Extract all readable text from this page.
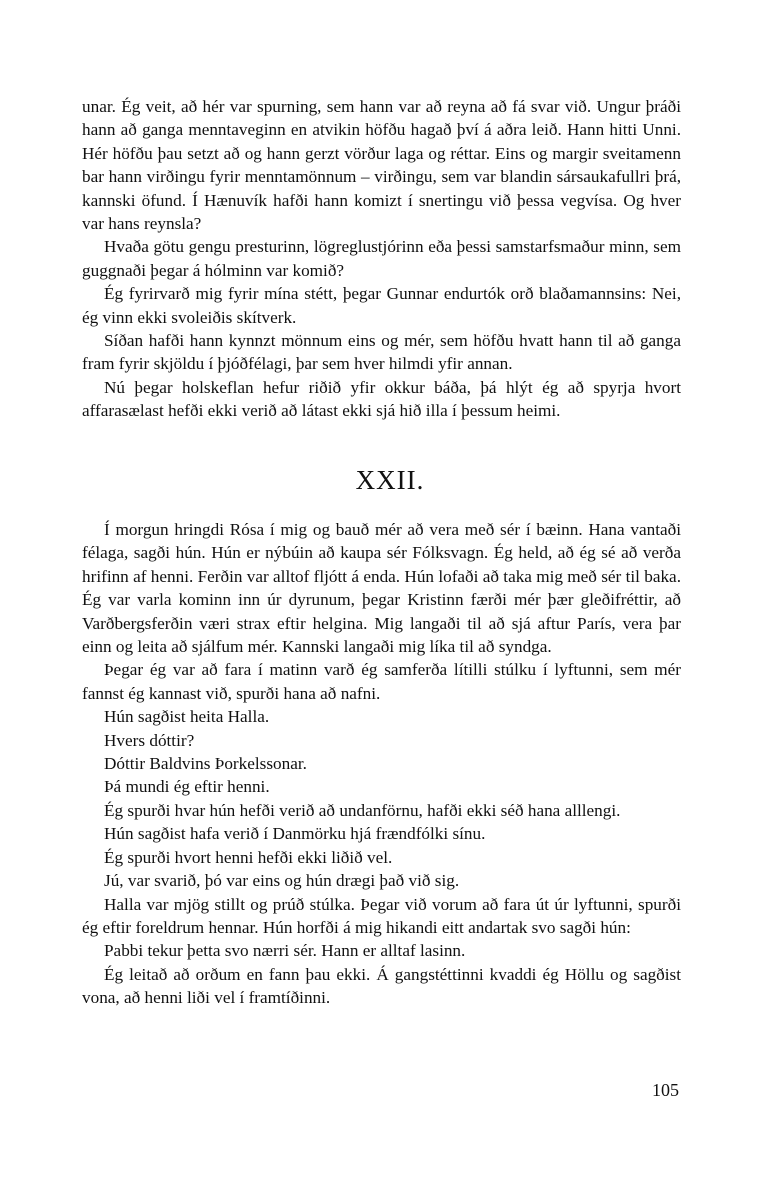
unar. Ég veit, að hér var spurning, sem hann var að reyna að fá svar við. Ungur þráði hann að ganga menntaveginn en atvikin höfðu hagað því á aðra leið. Hann hitti Unni. Hér höfðu þau setzt að og hann gerzt vörður laga og réttar. Eins og margir sveitamenn bar hann virðingu fyrir menntamönnum – virðingu, sem var blandin sársaukafullri þrá, kannski öfund. Í Hænuvík hafði hann komizt í snertingu við þessa vegvísa. Og hver var hans reynsla?

Hvaða götu gengu presturinn, lögreglustjórinn eða þessi samstarfsmaður minn, sem guggnaði þegar á hólminn var komið?

Ég fyrirvarð mig fyrir mína stétt, þegar Gunnar endurtók orð blaðamannsins: Nei, ég vinn ekki svoleiðis skítverk.

Síðan hafði hann kynnzt mönnum eins og mér, sem höfðu hvatt hann til að ganga fram fyrir skjöldu í þjóðfélagi, þar sem hver hilmdi yfir annan.

Nú þegar holskeflan hefur riðið yfir okkur báða, þá hlýt ég að spyrja hvort affarasælast hefði ekki verið að látast ekki sjá hið illa í þessum heimi.

XXII.

Í morgun hringdi Rósa í mig og bauð mér að vera með sér í bæinn. Hana vantaði félaga, sagði hún. Hún er nýbúin að kaupa sér Fólksvagn. Ég held, að ég sé að verða hrifinn af henni. Ferðin var alltof fljótt á enda. Hún lofaði að taka mig með sér til baka. Ég var varla kominn inn úr dyrunum, þegar Kristinn færði mér þær gleðifréttir, að Varðbergsferðin væri strax eftir helgina. Mig langaði til að sjá aftur París, vera þar einn og leita að sjálfum mér. Kannski langaði mig líka til að syndga.

Þegar ég var að fara í matinn varð ég samferða lítilli stúlku í lyftunni, sem mér fannst ég kannast við, spurði hana að nafni.

Hún sagðist heita Halla.

Hvers dóttir?

Dóttir Baldvins Þorkelssonar.

Þá mundi ég eftir henni.

Ég spurði hvar hún hefði verið að undanförnu, hafði ekki séð hana alllengi.

Hún sagðist hafa verið í Danmörku hjá frændfólki sínu.

Ég spurði hvort henni hefði ekki liðið vel.

Jú, var svarið, þó var eins og hún drægi það við sig.

Halla var mjög stillt og prúð stúlka. Þegar við vorum að fara út úr lyftunni, spurði ég eftir foreldrum hennar. Hún horfði á mig hikandi eitt andartak svo sagði hún:

Pabbi tekur þetta svo nærri sér. Hann er alltaf lasinn.

Ég leitað að orðum en fann þau ekki. Á gangstéttinni kvaddi ég Höllu og sagðist vona, að henni liði vel í framtíðinni.

105
